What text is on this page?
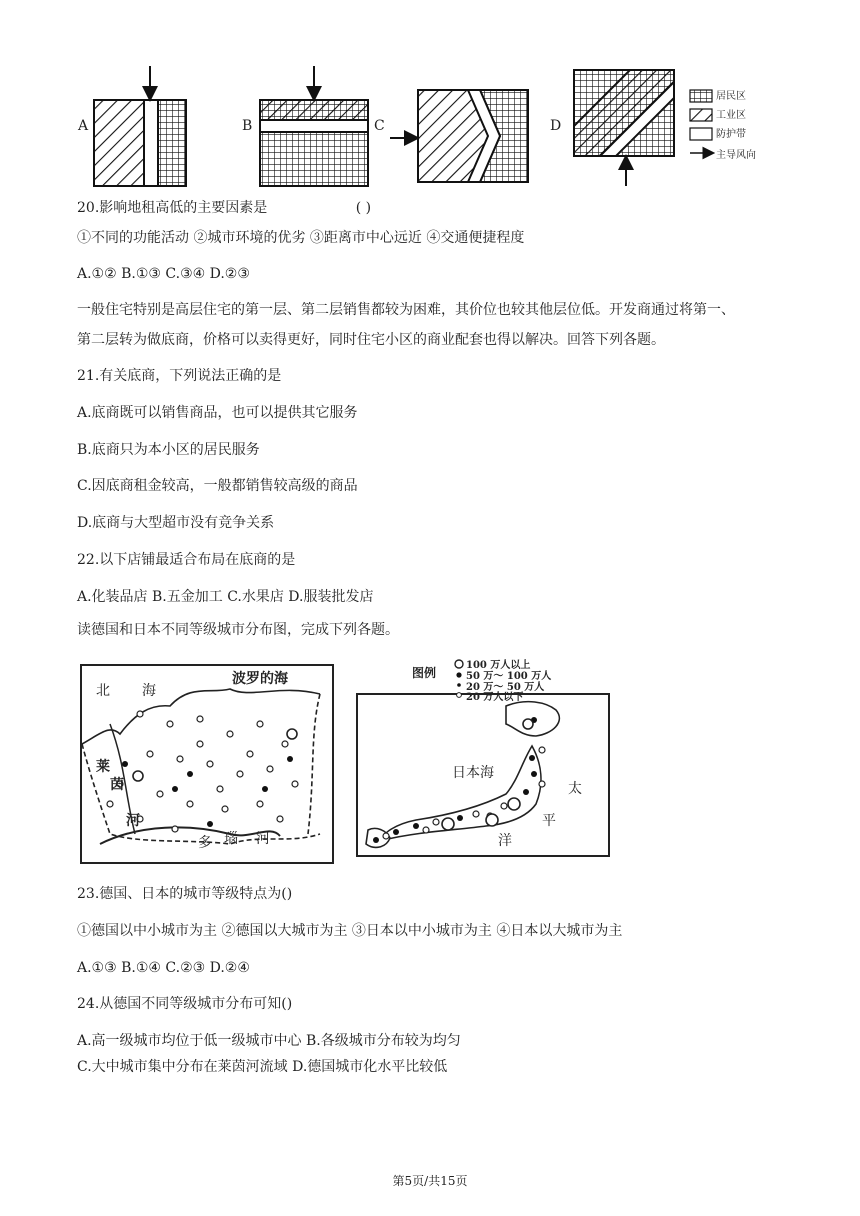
A	B	C	D
居民区
工业区
防护带
主导风向
20.影响地租高低的主要因素是	( )
①不同的功能活动 ②城市环境的优劣 ③距离市中心远近 ④交通便捷程度
A.①② B.①③ C.③④ D.②③
一般住宅特别是高层住宅的第一层、第二层销售都较为困难，其价位也较其他层位低。开发商通过将第一、
第二层转为做底商，价格可以卖得更好，同时住宅小区的商业配套也得以解决。回答下列各题。
21.有关底商，下列说法正确的是
A.底商既可以销售商品，也可以提供其它服务
B.底商只为本小区的居民服务
C.因底商租金较高，一般都销售较高级的商品
D.底商与大型超市没有竞争关系
22.以下店铺最适合布局在底商的是
A.化装品店 B.五金加工 C.水果店 D.服装批发店
读德国和日本不同等级城市分布图，完成下列各题。
北 海
波罗的海
莱
茵
河
多 瑙 河
图例
100 万人以上
50 万～ 100 万人
20 万～ 50 万人
20 万人以下
日本海
太
平
洋
23.德国、日本的城市等级特点为()
①德国以中小城市为主 ②德国以大城市为主 ③日本以中小城市为主 ④日本以大城市为主
A.①③ B.①④ C.②③ D.②④
24.从德国不同等级城市分布可知()
A.高一级城市均位于低一级城市中心 B.各级城市分布较为均匀
C.大中城市集中分布在莱茵河流域 D.德国城市化水平比较低
第5页/共15页
